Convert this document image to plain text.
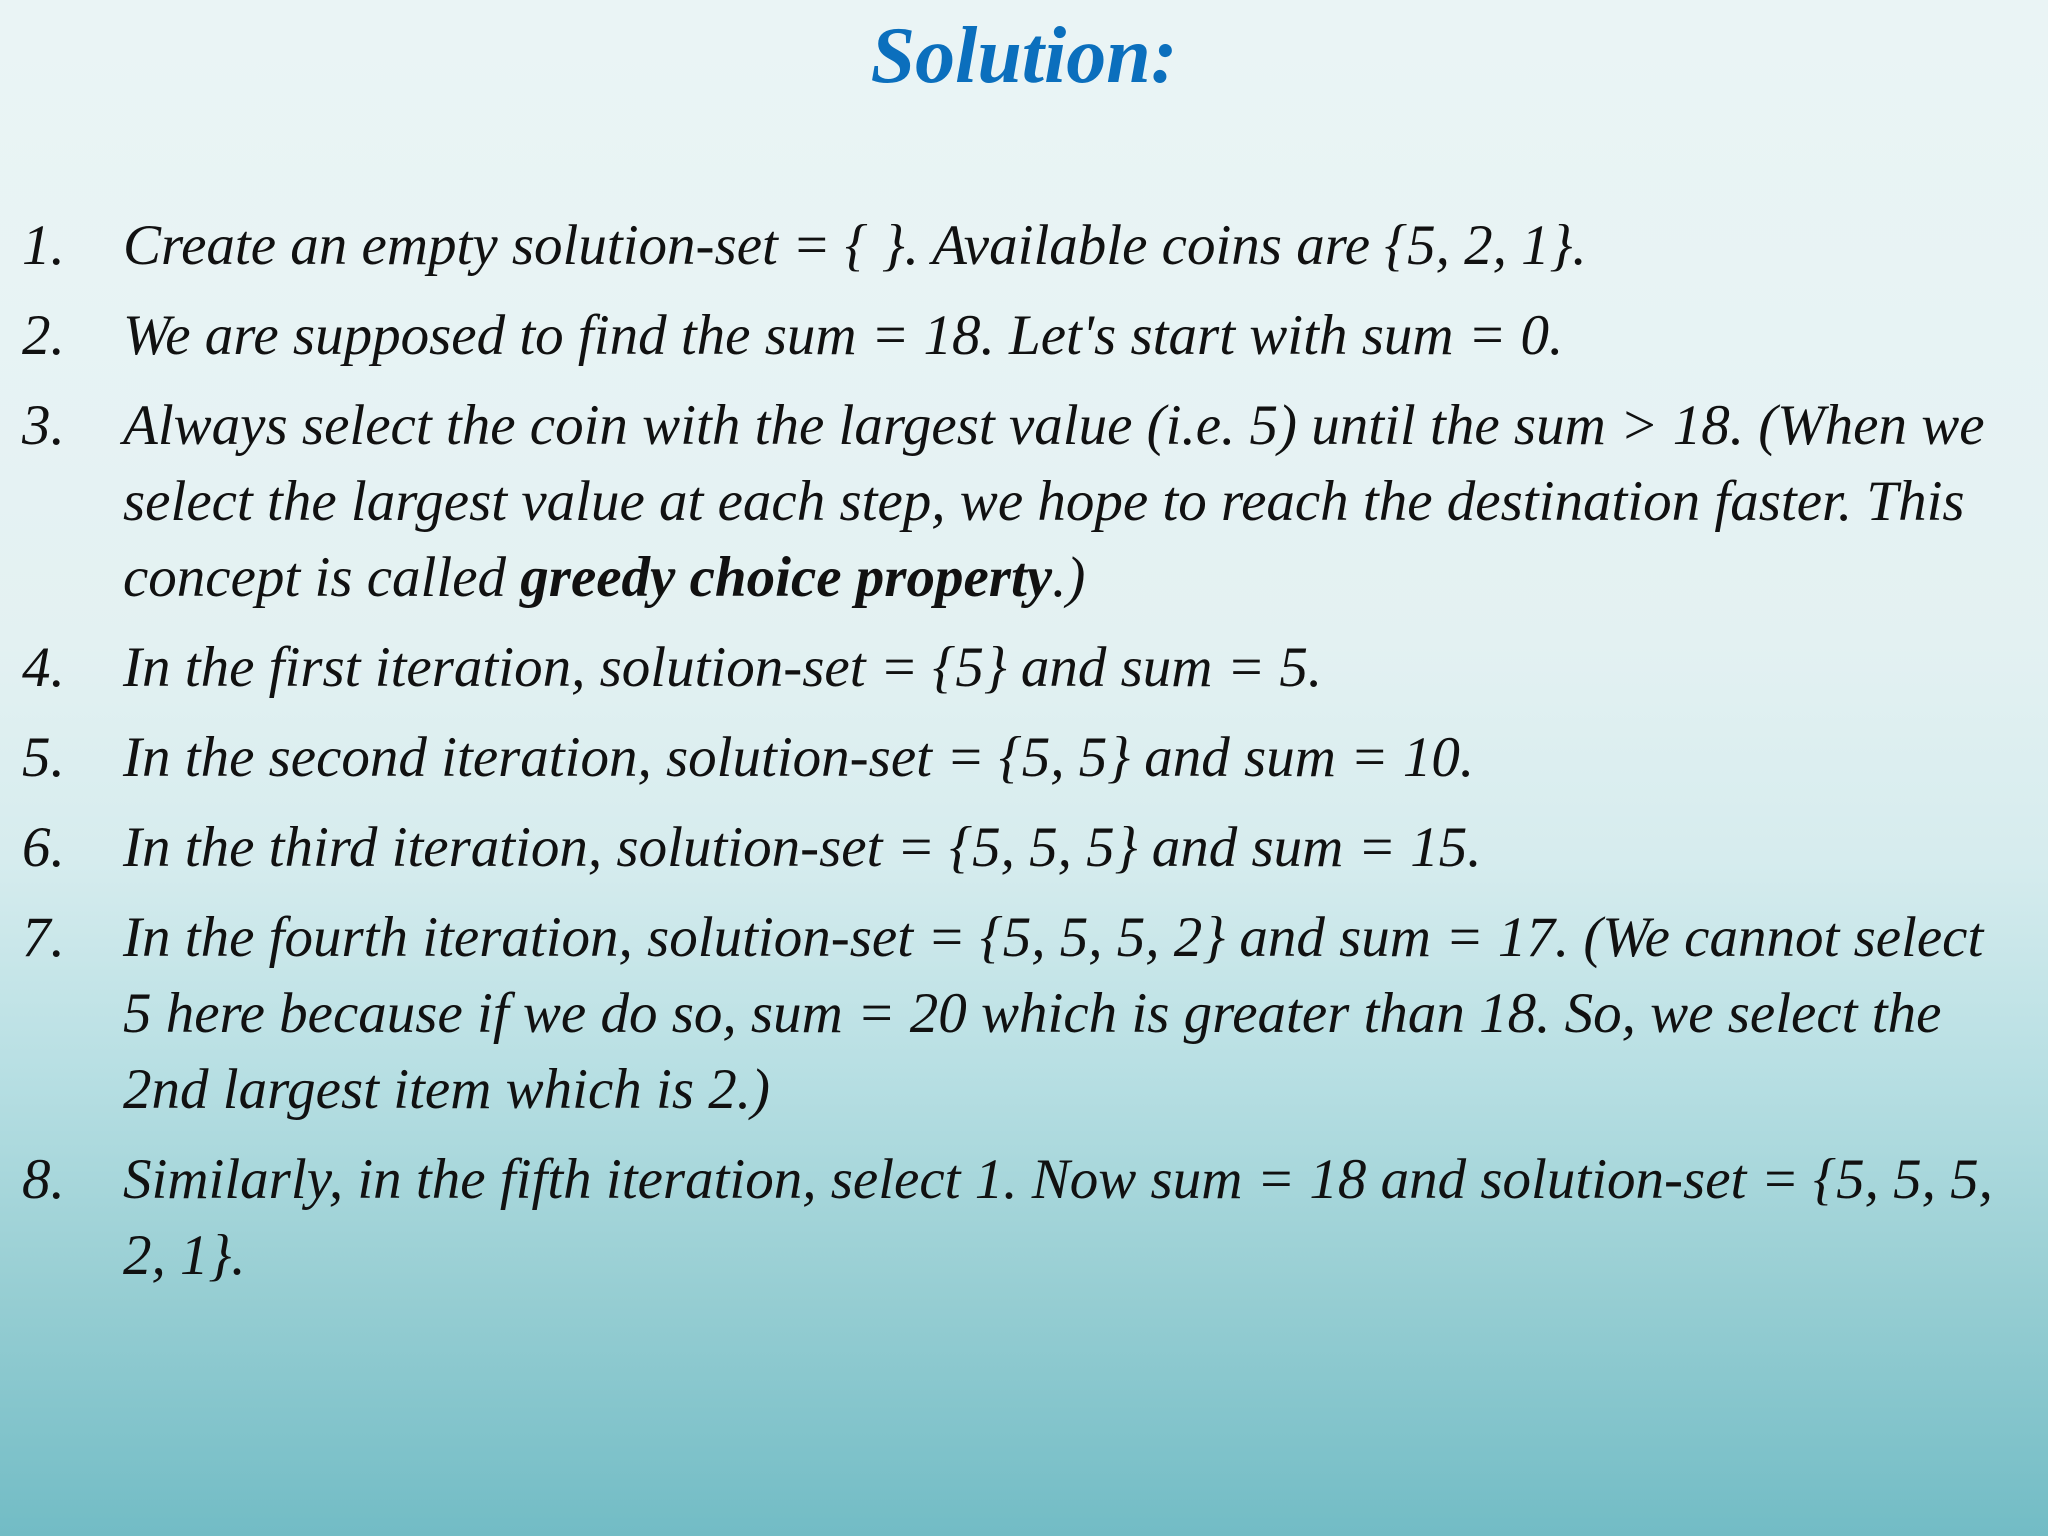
Solution:
1. Create an empty solution-set = { }. Available coins are {5, 2, 1}.
2. We are supposed to find the sum = 18. Let's start with sum = 0.
3. Always select the coin with the largest value (i.e. 5) until the sum > 18. (When we select the largest value at each step, we hope to reach the destination faster. This concept is called greedy choice property.)
4. In the first iteration, solution-set = {5} and sum = 5.
5. In the second iteration, solution-set = {5, 5} and sum = 10.
6. In the third iteration, solution-set = {5, 5, 5} and sum = 15.
7. In the fourth iteration, solution-set = {5, 5, 5, 2} and sum = 17. (We cannot select 5 here because if we do so, sum = 20 which is greater than 18. So, we select the 2nd largest item which is 2.)
8. Similarly, in the fifth iteration, select 1. Now sum = 18 and solution-set = {5, 5, 5, 2, 1}.
